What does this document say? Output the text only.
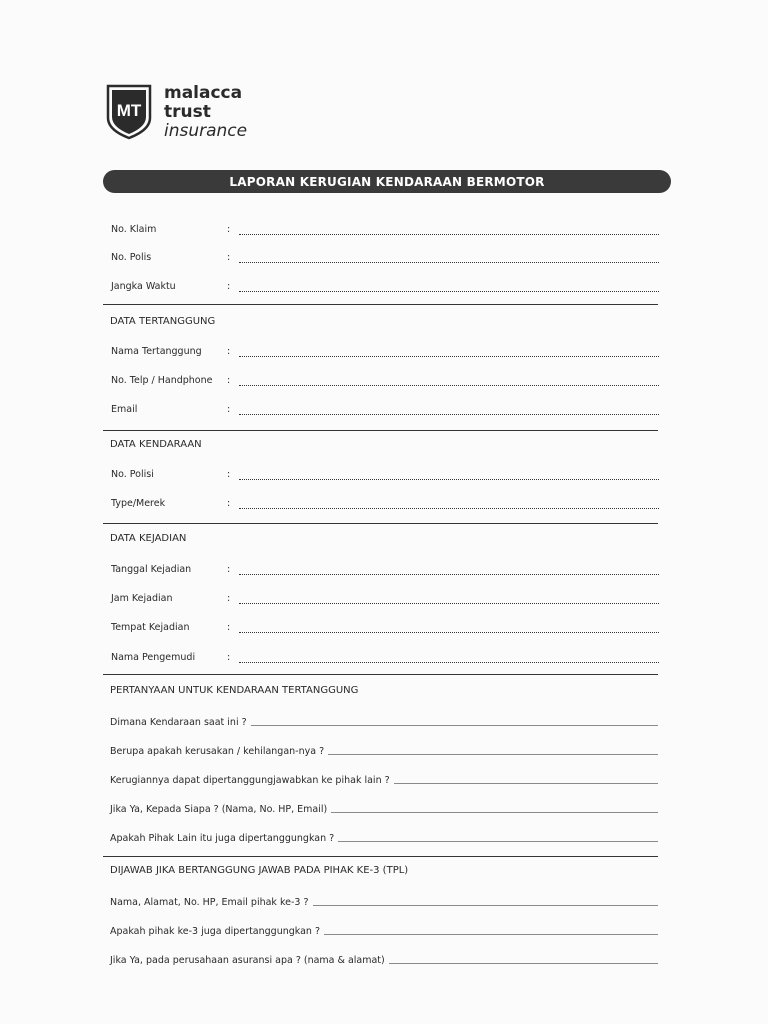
MT
malacca
trust
insurance
LAPORAN KERUGIAN KENDARAAN BERMOTOR
No. Klaim	:
No. Polis	:
Jangka Waktu	:
DATA TERTANGGUNG
Nama Tertanggung	:
No. Telp / Handphone :
Email	:
DATA KENDARAAN
No. Polisi	:
Type/Merek	:
DATA KEJADIAN
Tanggal Kejadian	:
Jam Kejadian	:
Tempat Kejadian	:
Nama Pengemudi	:
PERTANYAAN UNTUK KENDARAAN TERTANGGUNG
Dimana Kendaraan saat ini ?
Berupa apakah kerusakan / kehilangan-nya ?
Kerugiannya dapat dipertanggungjawabkan ke pihak lain ?
Jika Ya, Kepada Siapa ? (Nama, No. HP, Email)
Apakah Pihak Lain itu juga dipertanggungkan ?
DIJAWAB JIKA BERTANGGUNG JAWAB PADA PIHAK KE-3 (TPL)
Nama, Alamat, No. HP, Email pihak ke-3 ?
Apakah pihak ke-3 juga dipertanggungkan ?
Jika Ya, pada perusahaan asuransi apa ? (nama & alamat)
